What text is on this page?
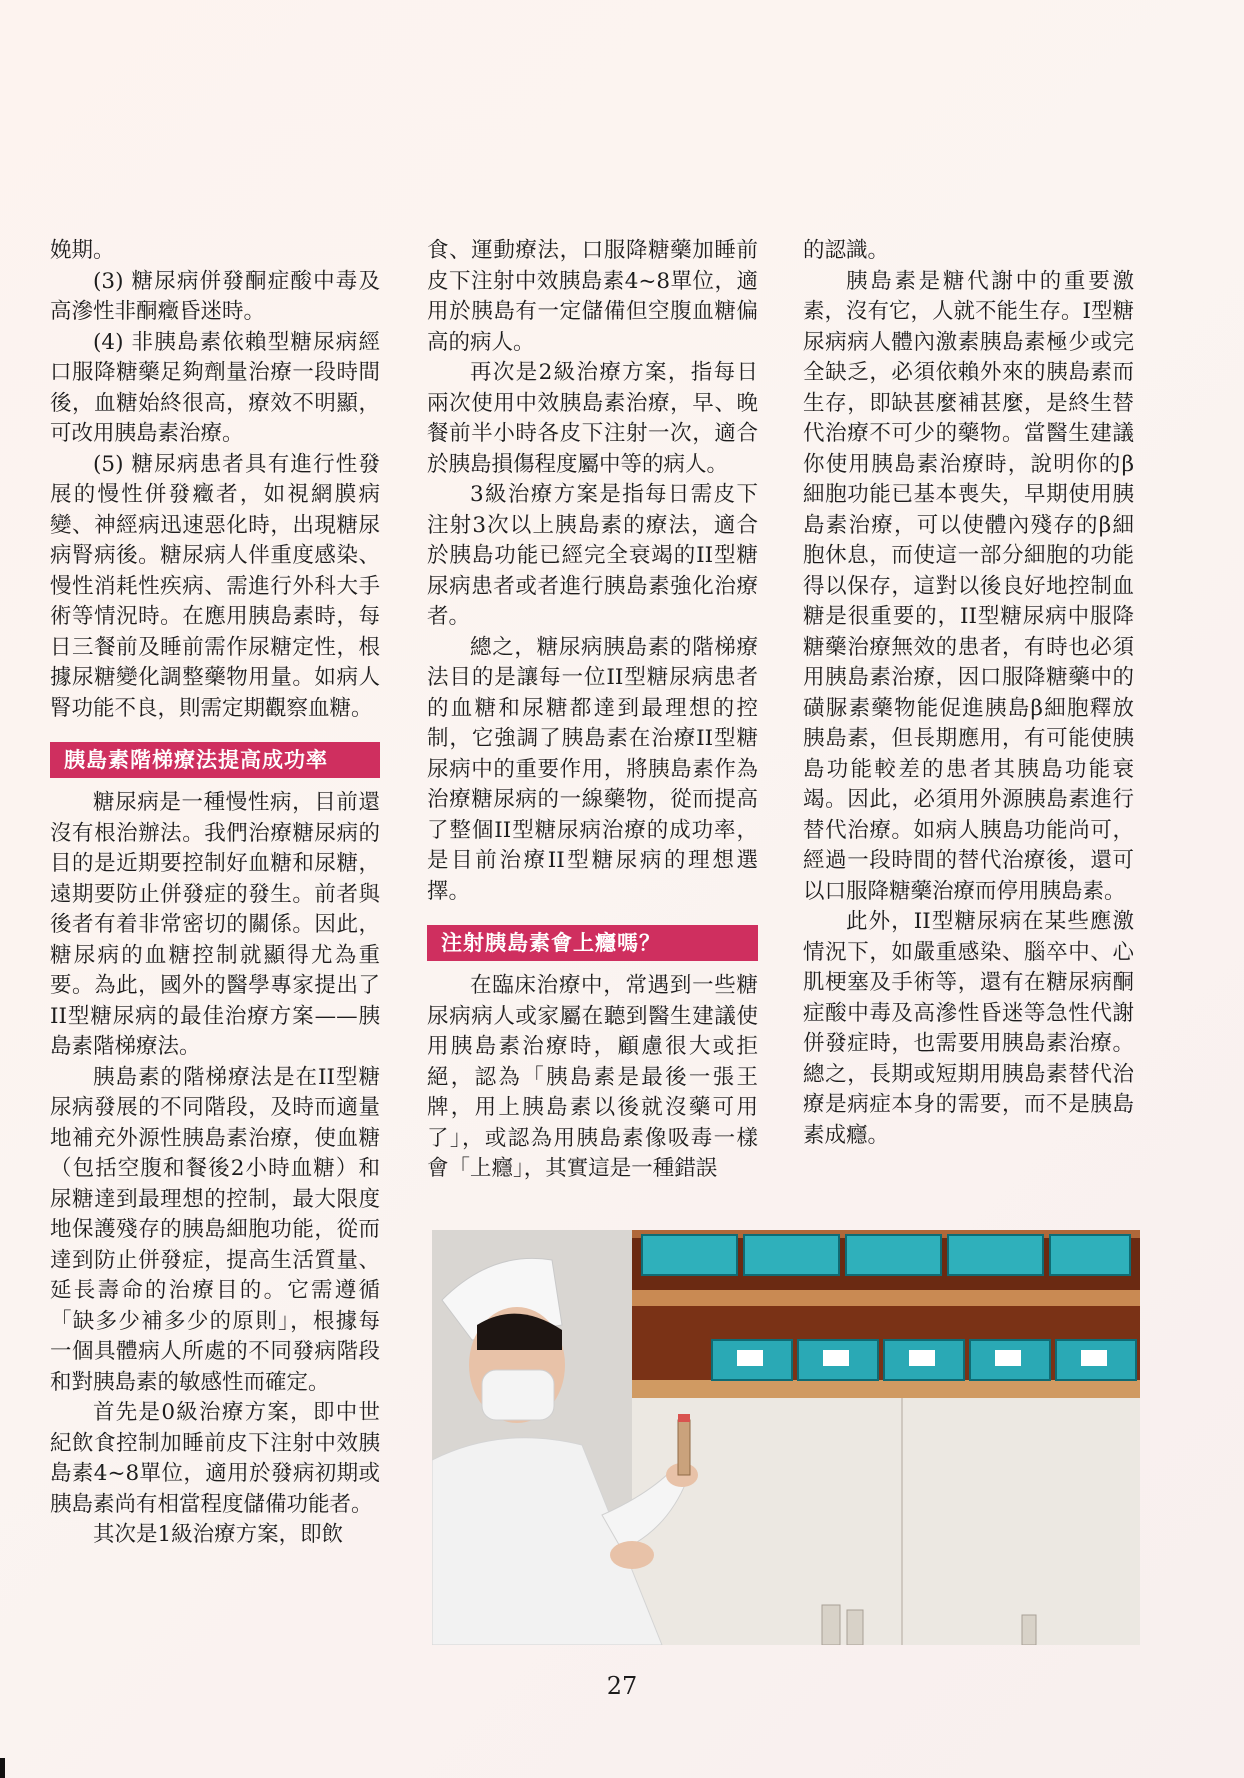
娩期。

(3) 糖尿病併發酮症酸中毒及高滲性非酮癥昏迷時。

(4) 非胰島素依賴型糖尿病經口服降糖藥足夠劑量治療一段時間後，血糖始終很高，療效不明顯，可改用胰島素治療。

(5) 糖尿病患者具有進行性發展的慢性併發癥者，如視網膜病變、神經病迅速惡化時，出現糖尿病腎病後。糖尿病人伴重度感染、慢性消耗性疾病、需進行外科大手術等情況時。在應用胰島素時，每日三餐前及睡前需作尿糖定性，根據尿糖變化調整藥物用量。如病人腎功能不良，則需定期觀察血糖。

胰島素階梯療法提高成功率

糖尿病是一種慢性病，目前還沒有根治辦法。我們治療糖尿病的目的是近期要控制好血糖和尿糖，遠期要防止併發症的發生。前者與後者有着非常密切的關係。因此，糖尿病的血糖控制就顯得尤為重要。為此，國外的醫學專家提出了II型糖尿病的最佳治療方案——胰島素階梯療法。

胰島素的階梯療法是在II型糖尿病發展的不同階段，及時而適量地補充外源性胰島素治療，使血糖（包括空腹和餐後2小時血糖）和尿糖達到最理想的控制，最大限度地保護殘存的胰島細胞功能，從而達到防止併發症，提高生活質量、延長壽命的治療目的。它需遵循「缺多少補多少的原則」，根據每一個具體病人所處的不同發病階段和對胰島素的敏感性而確定。

首先是0級治療方案，即中世紀飲食控制加睡前皮下注射中效胰島素4~8單位，適用於發病初期或胰島素尚有相當程度儲備功能者。

其次是1級治療方案，即飲

食、運動療法，口服降糖藥加睡前皮下注射中效胰島素4~8單位，適用於胰島有一定儲備但空腹血糖偏高的病人。

再次是2級治療方案，指每日兩次使用中效胰島素治療，早、晚餐前半小時各皮下注射一次，適合於胰島損傷程度屬中等的病人。

3級治療方案是指每日需皮下注射3次以上胰島素的療法，適合於胰島功能已經完全衰竭的II型糖尿病患者或者進行胰島素強化治療者。

總之，糖尿病胰島素的階梯療法目的是讓每一位II型糖尿病患者的血糖和尿糖都達到最理想的控制，它強調了胰島素在治療II型糖尿病中的重要作用，將胰島素作為治療糖尿病的一線藥物，從而提高了整個II型糖尿病治療的成功率，是目前治療II型糖尿病的理想選擇。

注射胰島素會上癮嗎？

在臨床治療中，常遇到一些糖尿病病人或家屬在聽到醫生建議使用胰島素治療時，顧慮很大或拒絕，認為「胰島素是最後一張王牌，用上胰島素以後就沒藥可用了」，或認為用胰島素像吸毒一樣會「上癮」，其實這是一種錯誤

的認識。

胰島素是糖代謝中的重要激素，沒有它，人就不能生存。I型糖尿病病人體內激素胰島素極少或完全缺乏，必須依賴外來的胰島素而生存，即缺甚麼補甚麼，是終生替代治療不可少的藥物。當醫生建議你使用胰島素治療時，說明你的β細胞功能已基本喪失，早期使用胰島素治療，可以使體內殘存的β細胞休息，而使這一部分細胞的功能得以保存，這對以後良好地控制血糖是很重要的，II型糖尿病中服降糖藥治療無效的患者，有時也必須用胰島素治療，因口服降糖藥中的磺脲素藥物能促進胰島β細胞釋放胰島素，但長期應用，有可能使胰島功能較差的患者其胰島功能衰竭。因此，必須用外源胰島素進行替代治療。如病人胰島功能尚可，經過一段時間的替代治療後，還可以口服降糖藥治療而停用胰島素。

此外，II型糖尿病在某些應激情況下，如嚴重感染、腦卒中、心肌梗塞及手術等，還有在糖尿病酮症酸中毒及高滲性昏迷等急性代謝併發症時，也需要用胰島素治療。總之，長期或短期用胰島素替代治療是病症本身的需要，而不是胰島素成癮。

27
